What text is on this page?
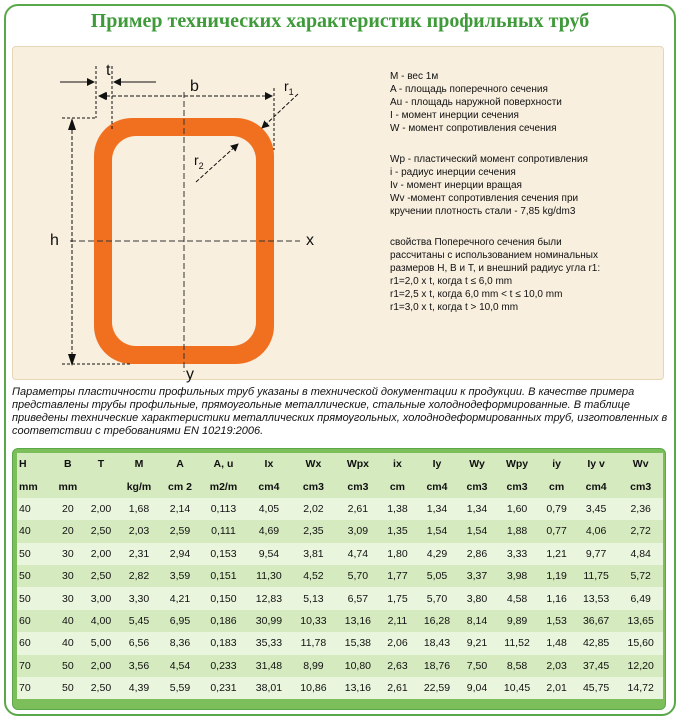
Пример технических характеристик профильных труб
t
b
h	x
y
$r_1$
$r_2$
M - вес 1м
A - площадь поперечного сечения
Au - площадь наружной поверхности
I - момент инерции сечения
W - момент сопротивления сечения
Wp - пластический момент сопротивления
i - радиус инерции сечения
Iv - момент инерции вращая
Wv -момент сопротивления сечения при
кручении плотность стали - 7,85 kg/dm3
свойства Поперечного сечения были
рассчитаны с использованием номинальных
размеров H, B и T, и внешний радиус угла r1:
r1=2,0 x t, когда t ≤ 6,0 mm
r1=2,5 x t, когда 6,0 mm < t ≤ 10,0 mm
r1=3,0 x t, когда t > 10,0 mm
Параметры пластичности профильных труб указаны в технической документации к продукции. В качестве примера представлены трубы профильные, прямоугольные металлические, стальные холоднодеформированные. В таблице приведены технические характеристики металлических прямоугольных, холоднодеформированных труб, изготовленных в соответствии с требованиями EN 10219:2006.
H	B	T	M	A	A, u	Ix	Wx	Wpx	ix	Iy	Wy	Wpy	iy	Iy v	Wv
mm	mm		kg/m	cm 2	m2/m	cm4	cm3	cm3	cm	cm4	cm3	cm3	cm	cm4	cm3
40	20	2,00	1,68	2,14	0,113	4,05	2,02	2,61	1,38	1,34	1,34	1,60	0,79	3,45	2,36
40	20	2,50	2,03	2,59	0,111	4,69	2,35	3,09	1,35	1,54	1,54	1,88	0,77	4,06	2,72
50	30	2,00	2,31	2,94	0,153	9,54	3,81	4,74	1,80	4,29	2,86	3,33	1,21	9,77	4,84
50	30	2,50	2,82	3,59	0,151	11,30	4,52	5,70	1,77	5,05	3,37	3,98	1,19	11,75	5,72
50	30	3,00	3,30	4,21	0,150	12,83	5,13	6,57	1,75	5,70	3,80	4,58	1,16	13,53	6,49
60	40	4,00	5,45	6,95	0,186	30,99	10,33	13,16	2,11	16,28	8,14	9,89	1,53	36,67	13,65
60	40	5,00	6,56	8,36	0,183	35,33	11,78	15,38	2,06	18,43	9,21	11,52	1,48	42,85	15,60
70	50	2,00	3,56	4,54	0,233	31,48	8,99	10,80	2,63	18,76	7,50	8,58	2,03	37,45	12,20
70	50	2,50	4,39	5,59	0,231	38,01	10,86	13,16	2,61	22,59	9,04	10,45	2,01	45,75	14,72
